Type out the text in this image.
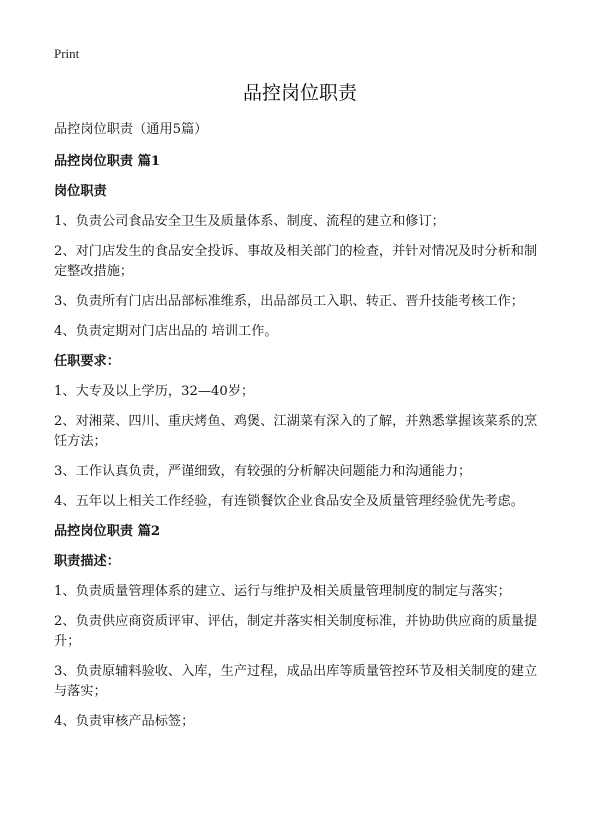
Print
品控岗位职责
品控岗位职责（通用5篇）
品控岗位职责 篇1
岗位职责
1、负责公司食品安全卫生及质量体系、制度、流程的建立和修订；
2、对门店发生的食品安全投诉、事故及相关部门的检查，并针对情况及时分析和制定整改措施；
3、负责所有门店出品部标准维系，出品部员工入职、转正、晋升技能考核工作；
4、负责定期对门店出品的 培训工作。
任职要求：
1、大专及以上学历，32—40岁；
2、对湘菜、四川、重庆烤鱼、鸡煲、江湖菜有深入的了解，并熟悉掌握该菜系的烹饪方法；
3、工作认真负责，严谨细致，有较强的分析解决问题能力和沟通能力；
4、五年以上相关工作经验，有连锁餐饮企业食品安全及质量管理经验优先考虑。
品控岗位职责 篇2
职责描述：
1、负责质量管理体系的建立、运行与维护及相关质量管理制度的制定与落实；
2、负责供应商资质评审、评估，制定并落实相关制度标准，并协助供应商的质量提升；
3、负责原辅料验收、入库，生产过程，成品出库等质量管控环节及相关制度的建立与落实；
4、负责审核产品标签；
